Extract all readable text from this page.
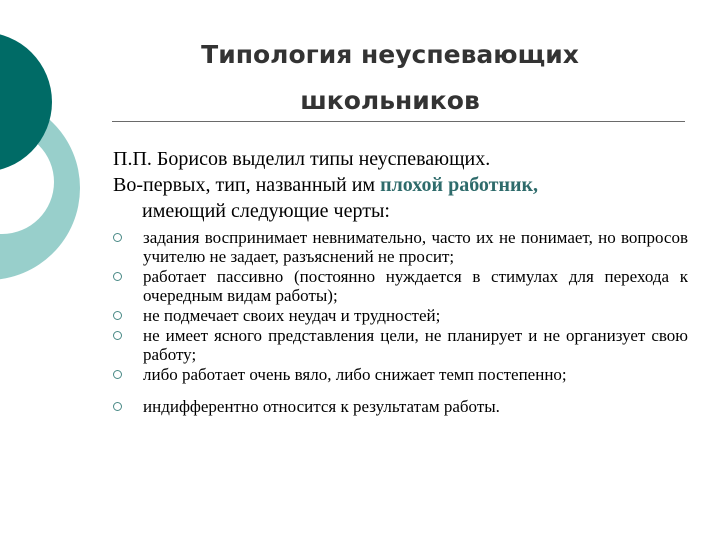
Типология неуспевающих
школьников

П.П. Борисов выделил типы неуспевающих.
Во-первых, тип, названный им плохой работник,
имеющий следующие черты:

задания воспринимает невнимательно, часто их не понимает, но вопросов учителю не задает, разъяснений не просит;
работает пассивно (постоянно нуждается в стимулах для перехода к очередным видам работы);
не подмечает своих неудач и трудностей;
не имеет ясного представления цели, не планирует и не организует свою работу;
либо работает очень вяло, либо снижает темп постепенно;
индифферентно относится к результатам работы.
